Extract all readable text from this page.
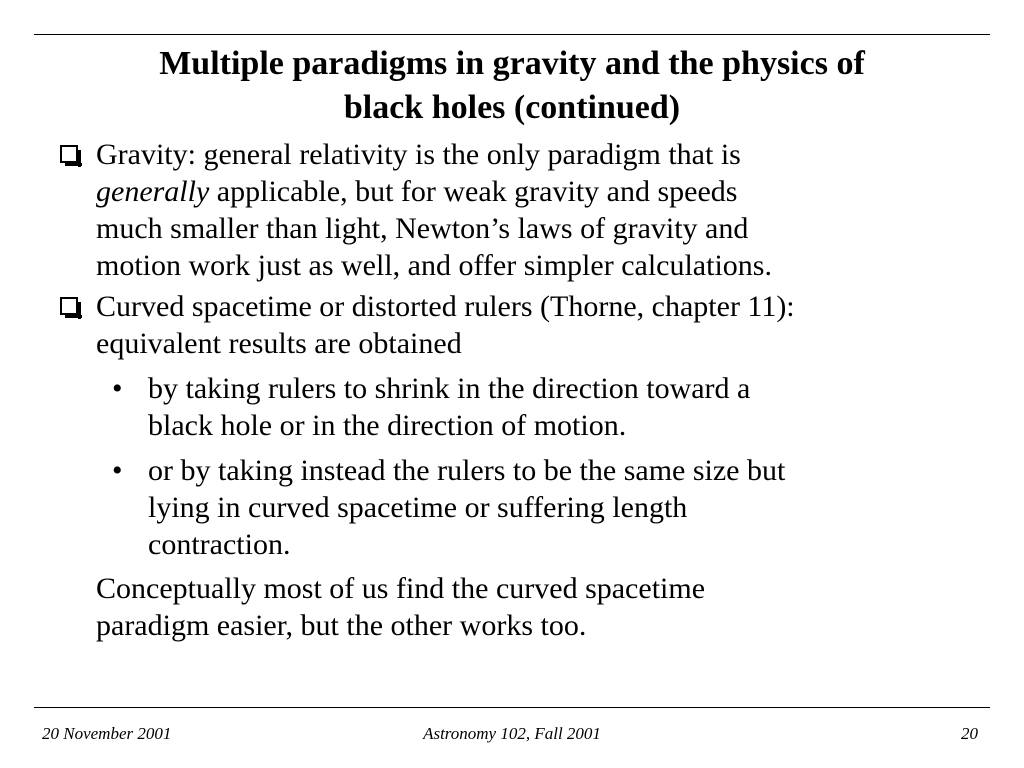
Multiple paradigms in gravity and the physics of
black holes (continued)
Gravity: general relativity is the only paradigm that is
generally applicable, but for weak gravity and speeds
much smaller than light, Newton’s laws of gravity and
motion work just as well, and offer simpler calculations.
Curved spacetime or distorted rulers (Thorne, chapter 11):
equivalent results are obtained
• by taking rulers to shrink in the direction toward a
black hole or in the direction of motion.
• or by taking instead the rulers to be the same size but
lying in curved spacetime or suffering length
contraction.
Conceptually most of us find the curved spacetime
paradigm easier, but the other works too.
20 November 2001	Astronomy 102, Fall 2001	20
